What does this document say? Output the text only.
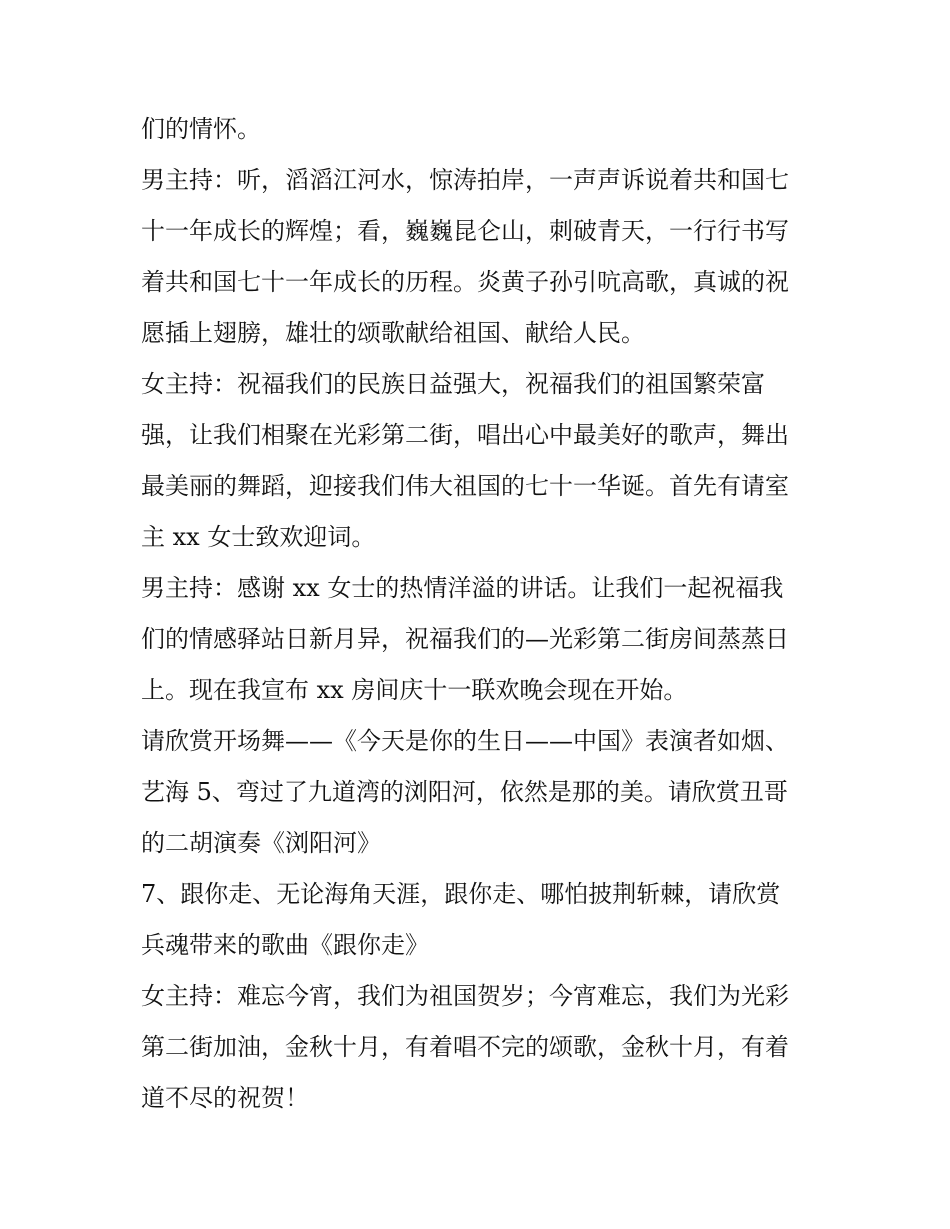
们的情怀。
男主持：听，滔滔江河水，惊涛拍岸，一声声诉说着共和国七
十一年成长的辉煌；看，巍巍昆仑山，刺破青天，一行行书写
着共和国七十一年成长的历程。炎黄子孙引吭高歌，真诚的祝
愿插上翅膀，雄壮的颂歌献给祖国、献给人民。
女主持：祝福我们的民族日益强大，祝福我们的祖国繁荣富
强，让我们相聚在光彩第二街，唱出心中最美好的歌声，舞出
最美丽的舞蹈，迎接我们伟大祖国的七十一华诞。首先有请室
主 xx 女士致欢迎词。
男主持：感谢 xx 女士的热情洋溢的讲话。让我们一起祝福我
们的情感驿站日新月异，祝福我们的—光彩第二街房间蒸蒸日
上。现在我宣布 xx 房间庆十一联欢晚会现在开始。
请欣赏开场舞——《今天是你的生日——中国》表演者如烟、
艺海 5、弯过了九道湾的浏阳河，依然是那的美。请欣赏丑哥
的二胡演奏《浏阳河》
7、跟你走、无论海角天涯，跟你走、哪怕披荆斩棘，请欣赏
兵魂带来的歌曲《跟你走》
女主持：难忘今宵，我们为祖国贺岁；今宵难忘，我们为光彩
第二街加油，金秋十月，有着唱不完的颂歌，金秋十月，有着
道不尽的祝贺！
